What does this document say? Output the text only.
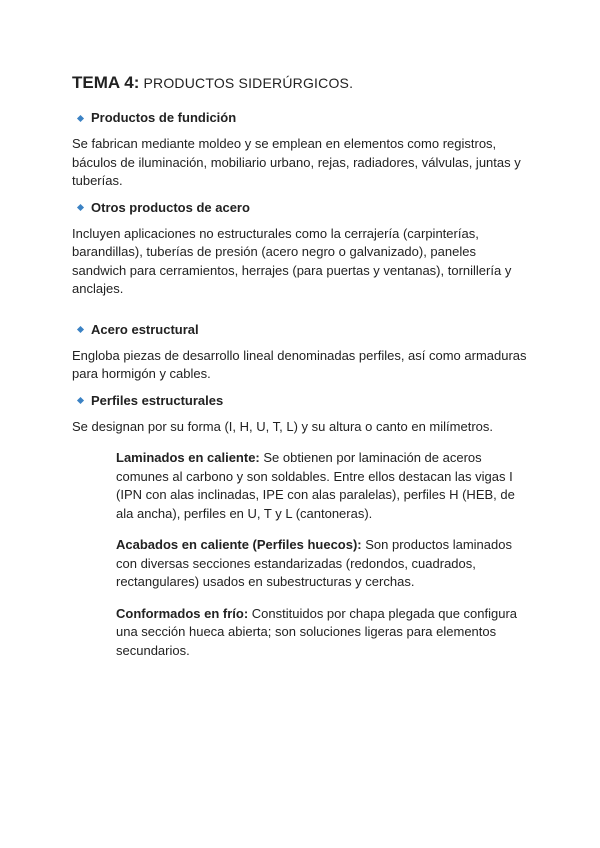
TEMA 4: PRODUCTOS SIDERÚRGICOS.
Productos de fundición

Se fabrican mediante moldeo y se emplean en elementos como registros, báculos de iluminación, mobiliario urbano, rejas, radiadores, válvulas, juntas y tuberías.

Otros productos de acero

Incluyen aplicaciones no estructurales como la cerrajería (carpinterías, barandillas), tuberías de presión (acero negro o galvanizado), paneles sandwich para cerramientos, herrajes (para puertas y ventanas), tornillería y anclajes.

Acero estructural

Engloba piezas de desarrollo lineal denominadas perfiles, así como armaduras para hormigón y cables.

Perfiles estructurales

Se designan por su forma (I, H, U, T, L) y su altura o canto en milímetros.

Laminados en caliente: Se obtienen por laminación de aceros comunes al carbono y son soldables. Entre ellos destacan las vigas I (IPN con alas inclinadas, IPE con alas paralelas), perfiles H (HEB, de ala ancha), perfiles en U, T y L (cantoneras).

Acabados en caliente (Perfiles huecos): Son productos laminados con diversas secciones estandarizadas (redondos, cuadrados, rectangulares) usados en subestructuras y cerchas.

Conformados en frío: Constituidos por chapa plegada que configura una sección hueca abierta; son soluciones ligeras para elementos secundarios.
